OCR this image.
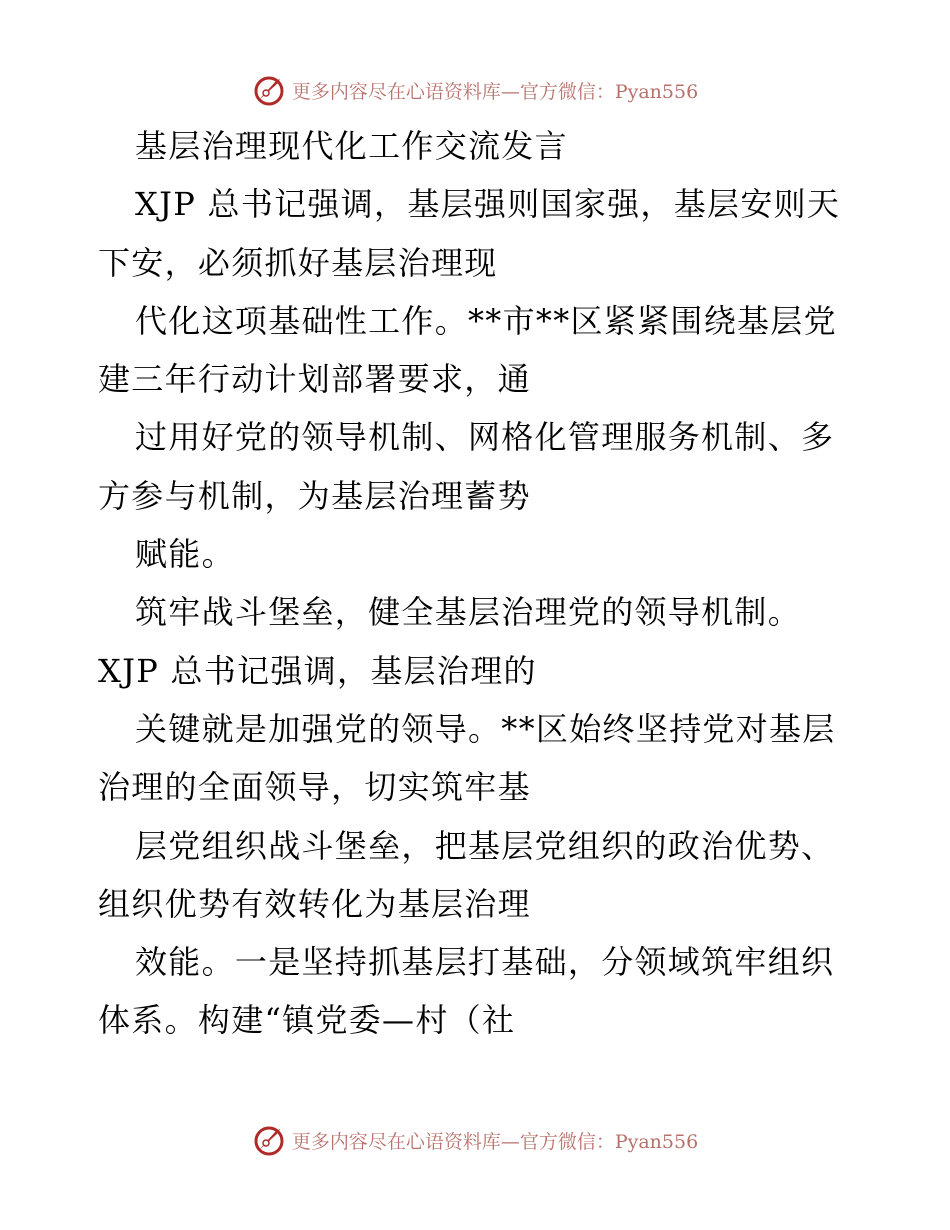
更多内容尽在心语资料库—官方微信：Pyan556
基层治理现代化工作交流发言
XJP 总书记强调，基层强则国家强，基层安则天
下安，必须抓好基层治理现
代化这项基础性工作。**市**区紧紧围绕基层党
建三年行动计划部署要求，通
过用好党的领导机制、网格化管理服务机制、多
方参与机制，为基层治理蓄势
赋能。
筑牢战斗堡垒，健全基层治理党的领导机制。
XJP 总书记强调，基层治理的
关键就是加强党的领导。**区始终坚持党对基层
治理的全面领导，切实筑牢基
层党组织战斗堡垒，把基层党组织的政治优势、
组织优势有效转化为基层治理
效能。一是坚持抓基层打基础，分领域筑牢组织
体系。构建“镇党委—村（社
更多内容尽在心语资料库—官方微信：Pyan556
